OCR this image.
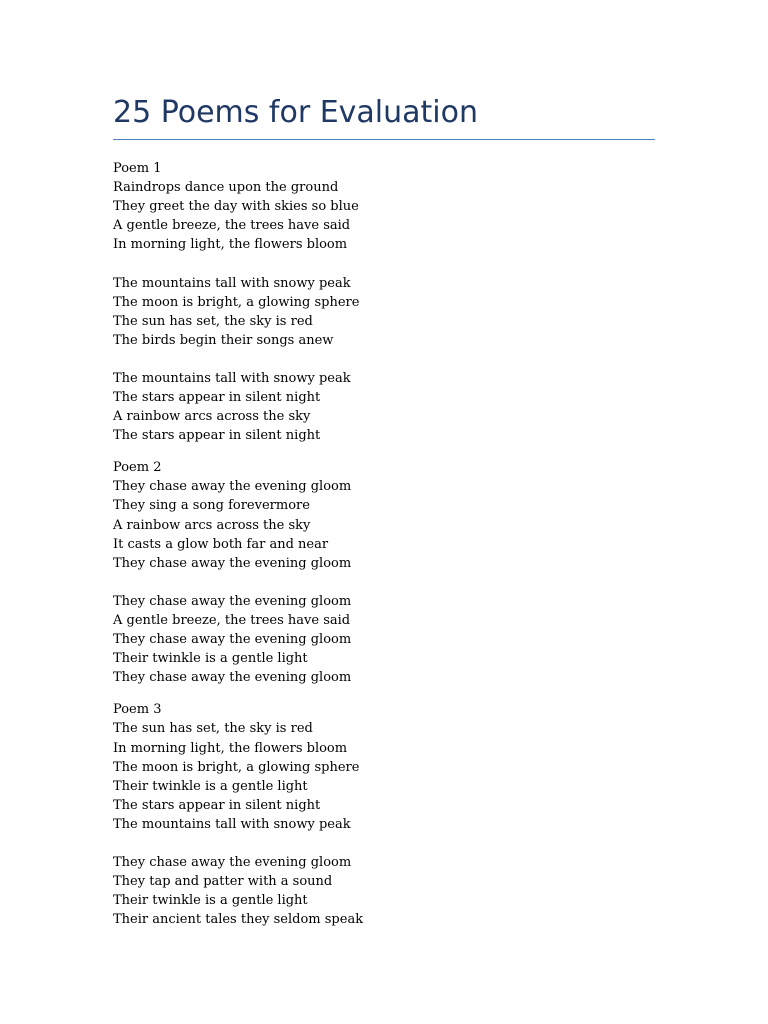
25 Poems for Evaluation

Poem 1

Raindrops dance upon the ground

They greet the day with skies so blue

A gentle breeze, the trees have said

In morning light, the flowers bloom

The mountains tall with snowy peak

The moon is bright, a glowing sphere

The sun has set, the sky is red

The birds begin their songs anew

The mountains tall with snowy peak

The stars appear in silent night

A rainbow arcs across the sky

The stars appear in silent night

Poem 2

They chase away the evening gloom

They sing a song forevermore

A rainbow arcs across the sky

It casts a glow both far and near

They chase away the evening gloom

They chase away the evening gloom

A gentle breeze, the trees have said

They chase away the evening gloom

Their twinkle is a gentle light

They chase away the evening gloom

Poem 3

The sun has set, the sky is red

In morning light, the flowers bloom

The moon is bright, a glowing sphere

Their twinkle is a gentle light

The stars appear in silent night

The mountains tall with snowy peak

They chase away the evening gloom

They tap and patter with a sound

Their twinkle is a gentle light

Their ancient tales they seldom speak
